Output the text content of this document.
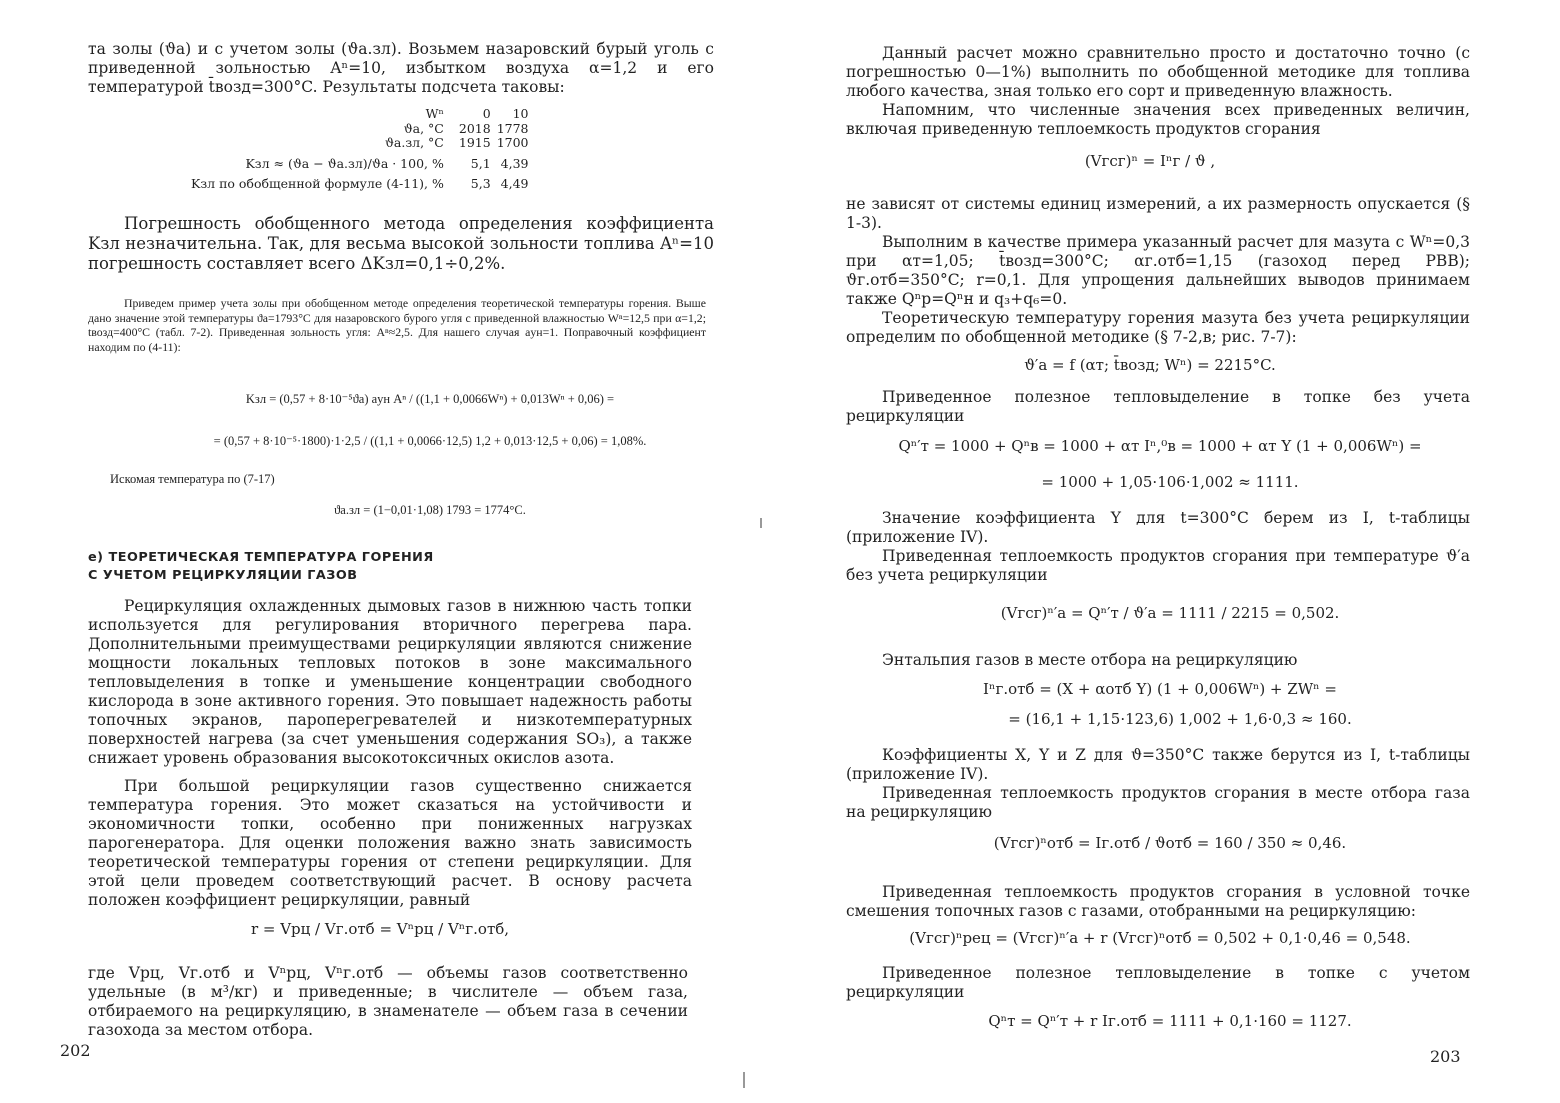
та золы (ϑа) и с учетом золы (ϑа.зл). Возьмем назаровский бурый уголь с приведенной зольностью Aⁿ=10, избытком воздуха α=1,2 и его температурой t̄возд=300°C. Результаты подсчета таковы:

Wⁿ	0	10
ϑа, °C	2018	1778
ϑа.зл, °C	1915	1700
Kзл ≈ (ϑа − ϑа.зл)/ϑа · 100, %	5,1	4,39
Kзл по обобщенной формуле (4-11), %	5,3	4,49

Погрешность обобщенного метода определения коэффициента Kзл незначительна. Так, для весьма высокой зольности топлива Aⁿ=10 погрешность составляет всего ΔKзл=0,1÷0,2%.

Приведем пример учета золы при обобщенном методе определения теоретической температуры горения. Выше дано значение этой температуры ϑа=1793°C для назаровского бурого угля с приведенной влажностью Wⁿ=12,5 при α=1,2; tвозд=400°C (табл. 7-2). Приведенная зольность угля: Aⁿ≈2,5. Для нашего случая aун=1. Поправочный коэффициент находим по (4-11):

Kзл = (0,57 + 8·10⁻⁵ϑа) aун Aⁿ / ((1,1 + 0,0066Wⁿ) + 0,013Wⁿ + 0,06) =
= (0,57 + 8·10⁻⁵·1800)·1·2,5 / ((1,1 + 0,0066·12,5) 1,2 + 0,013·12,5 + 0,06) = 1,08%.
Искомая температура по (7-17)
ϑа.зл = (1−0,01·1,08) 1793 = 1774°C.
е) ТЕОРЕТИЧЕСКАЯ ТЕМПЕРАТУРА ГОРЕНИЯ
С УЧЕТОМ РЕЦИРКУЛЯЦИИ ГАЗОВ

Рециркуляция охлажденных дымовых газов в нижнюю часть топки используется для регулирования вторичного перегрева пара. Дополнительными преимуществами рециркуляции являются снижение мощности локальных тепловых потоков в зоне максимального тепловыделения в топке и уменьшение концентрации свободного кислорода в зоне активного горения. Это повышает надежность работы топочных экранов, пароперегревателей и низкотемпературных поверхностей нагрева (за счет уменьшения содержания SO₃), а также снижает уровень образования высокотоксичных окислов азота.

При большой рециркуляции газов существенно снижается температура горения. Это может сказаться на устойчивости и экономичности топки, особенно при пониженных нагрузках парогенератора. Для оценки положения важно знать зависимость теоретической температуры горения от степени рециркуляции. Для этой цели проведем соответствующий расчет. В основу расчета положен коэффициент рециркуляции, равный

r = Vрц / Vг.отб = Vⁿрц / Vⁿг.отб,

где Vрц, Vг.отб и Vⁿрц, Vⁿг.отб — объемы газов соответственно удельные (в м³/кг) и приведенные; в числителе — объем газа, отбираемого на рециркуляцию, в знаменателе — объем газа в сечении газохода за местом отбора.

202

Данный расчет можно сравнительно просто и достаточно точно (с погрешностью 0—1%) выполнить по обобщенной методике для топлива любого качества, зная только его сорт и приведенную влажность.

Напомним, что численные значения всех приведенных величин, включая приведенную теплоемкость продуктов сгорания

(Vгcг)ⁿ = Iⁿг / ϑ ,

не зависят от системы единиц измерений, а их размерность опускается (§ 1-3).

Выполним в качестве примера указанный расчет для мазута с Wⁿ=0,3 при αт=1,05; t̄возд=300°C; αг.отб=1,15 (газоход перед РВВ); ϑг.отб=350°C; r=0,1. Для упрощения дальнейших выводов принимаем также Qⁿр=Qⁿн и q₃+q₆=0.

Теоретическую температуру горения мазута без учета рециркуляции определим по обобщенной методике (§ 7-2,в; рис. 7-7):

ϑ′а = f (αт; t̄возд; Wⁿ) = 2215°C.

Приведенное полезное тепловыделение в топке без учета рециркуляции

Qⁿ′т = 1000 + Qⁿв = 1000 + αт Iⁿ,⁰в = 1000 + αт Y (1 + 0,006Wⁿ) =
= 1000 + 1,05·106·1,002 ≈ 1111.

Значение коэффициента Y для t=300°C берем из I, t-таблицы (приложение IV).

Приведенная теплоемкость продуктов сгорания при температуре ϑ′а без учета рециркуляции

(Vгcг)ⁿ′а = Qⁿ′т / ϑ′а = 1111 / 2215 = 0,502.

Энтальпия газов в месте отбора на рециркуляцию

Iⁿг.отб = (X + αотб Y) (1 + 0,006Wⁿ) + ZWⁿ =
= (16,1 + 1,15·123,6) 1,002 + 1,6·0,3 ≈ 160.

Коэффициенты X, Y и Z для ϑ=350°C также берутся из I, t-таблицы (приложение IV).

Приведенная теплоемкость продуктов сгорания в месте отбора газа на рециркуляцию

(Vгcг)ⁿотб = Iг.отб / ϑотб = 160 / 350 ≈ 0,46.

Приведенная теплоемкость продуктов сгорания в условной точке смешения топочных газов с газами, отобранными на рециркуляцию:

(Vгcг)ⁿрец = (Vгcг)ⁿ′а + r (Vгcг)ⁿотб = 0,502 + 0,1·0,46 = 0,548.

Приведенное полезное тепловыделение в топке с учетом рециркуляции

Qⁿт = Qⁿ′т + r Iг.отб = 1111 + 0,1·160 = 1127.
203
